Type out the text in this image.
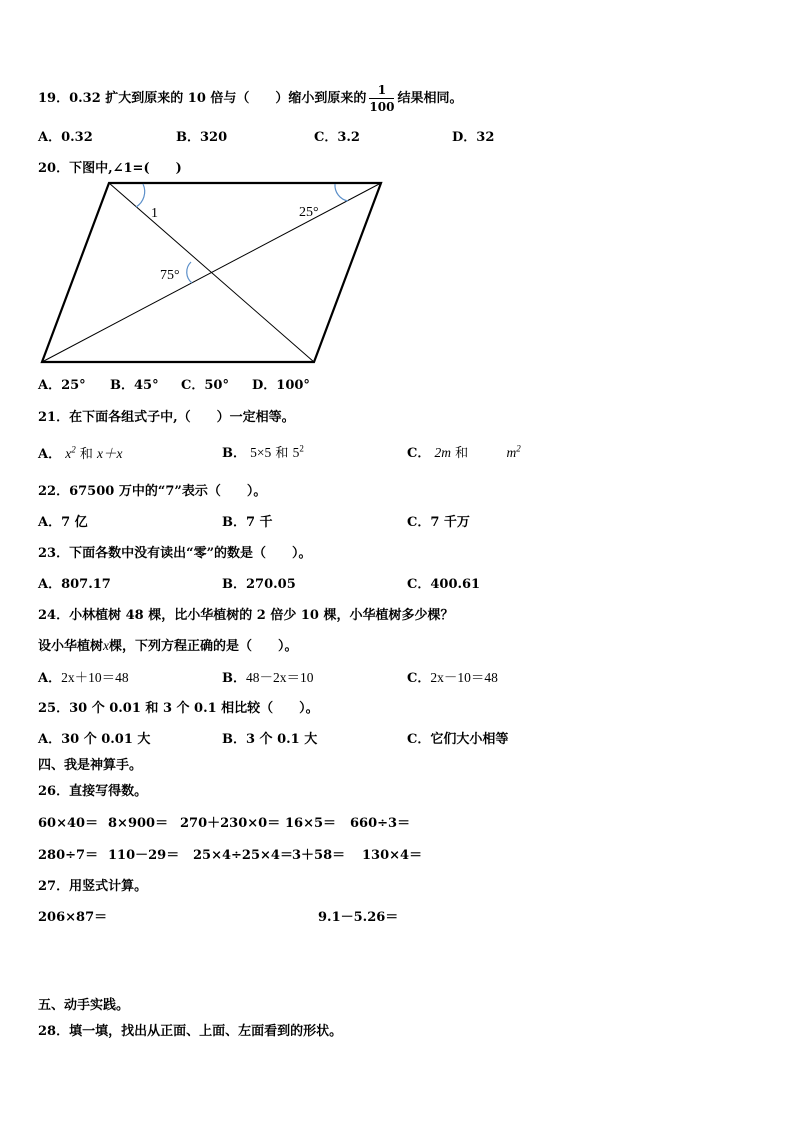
19．0.32 扩大到原来的 10 倍与（　　）缩小到原来的 $\frac{1}{100}$ 结果相同。
A．0.32	B．320	C．3.2	D．32
20．下图中,∠1=(　　)
1	25°
75°
A．25° B．45° C．50° D．100°
21．在下面各组式子中,（　　）一定相等。
A． $x^2$ 和 x＋x	B． 5×5 和 $5^2$	C． 2m 和	$m^2$
22．67500 万中的“7”表示（　　）。
A．7 亿	B．7 千	C．7 千万
23．下面各数中没有读出“零”的数是（　　）。
A．807.17	B．270.05	C．400.61
24．小林植树 48 棵，比小华植树的 2 倍少 10 棵，小华植树多少棵？
设小华植树x棵，下列方程正确的是（　　）。
A．2x＋10＝48	B．48－2x＝10	C．2x－10＝48
25．30 个 0.01 和 3 个 0.1 相比较（　　）。
A．30 个 0.01 大	B．3 个 0.1 大	C．它们大小相等
四、我是神算手。
26．直接写得数。
60×40＝ 8×900＝ 270＋230×0＝ 16×5＝ 660÷3＝
280÷7＝ 110－29＝ 25×4÷25×4＝ 3＋58＝ 130×4＝
27．用竖式计算。
206×87＝	9.1－5.26＝
五、动手实践。
28．填一填，找出从正面、上面、左面看到的形状。
